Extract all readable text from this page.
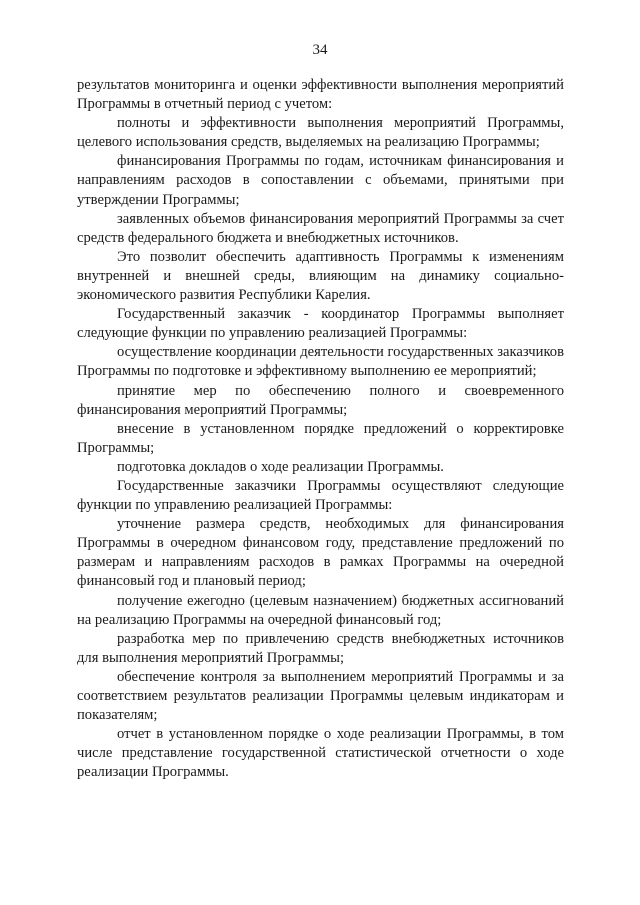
34

результатов мониторинга и оценки эффективности выполнения мероприятий Программы в отчетный период с учетом:

полноты и эффективности выполнения мероприятий Программы, целевого использования средств, выделяемых на реализацию Программы;

финансирования Программы по годам, источникам финансирования и направлениям расходов в сопоставлении с объемами, принятыми при утверждении Программы;

заявленных объемов финансирования мероприятий Программы за счет средств федерального бюджета и внебюджетных источников.

Это позволит обеспечить адаптивность Программы к изменениям внутренней и внешней среды, влияющим на динамику социально-экономического развития Республики Карелия.

Государственный заказчик - координатор Программы выполняет следующие функции по управлению реализацией Программы:

осуществление координации деятельности государственных заказчиков Программы по подготовке и эффективному выполнению ее мероприятий;

принятие мер по обеспечению полного и своевременного финансирования мероприятий Программы;

внесение в установленном порядке предложений о корректировке Программы;

подготовка докладов о ходе реализации Программы.

Государственные заказчики Программы осуществляют следующие функции по управлению реализацией Программы:

уточнение размера средств, необходимых для финансирования Программы в очередном финансовом году, представление предложений по размерам и направлениям расходов в рамках Программы на очередной финансовый год и плановый период;

получение ежегодно (целевым назначением) бюджетных ассигнований на реализацию Программы на очередной финансовый год;

разработка мер по привлечению средств внебюджетных источников для выполнения мероприятий Программы;

обеспечение контроля за выполнением мероприятий Программы и за соответствием результатов реализации Программы целевым индикаторам и показателям;

отчет в установленном порядке о ходе реализации Программы, в том числе представление государственной статистической отчетности о ходе реализации Программы.
